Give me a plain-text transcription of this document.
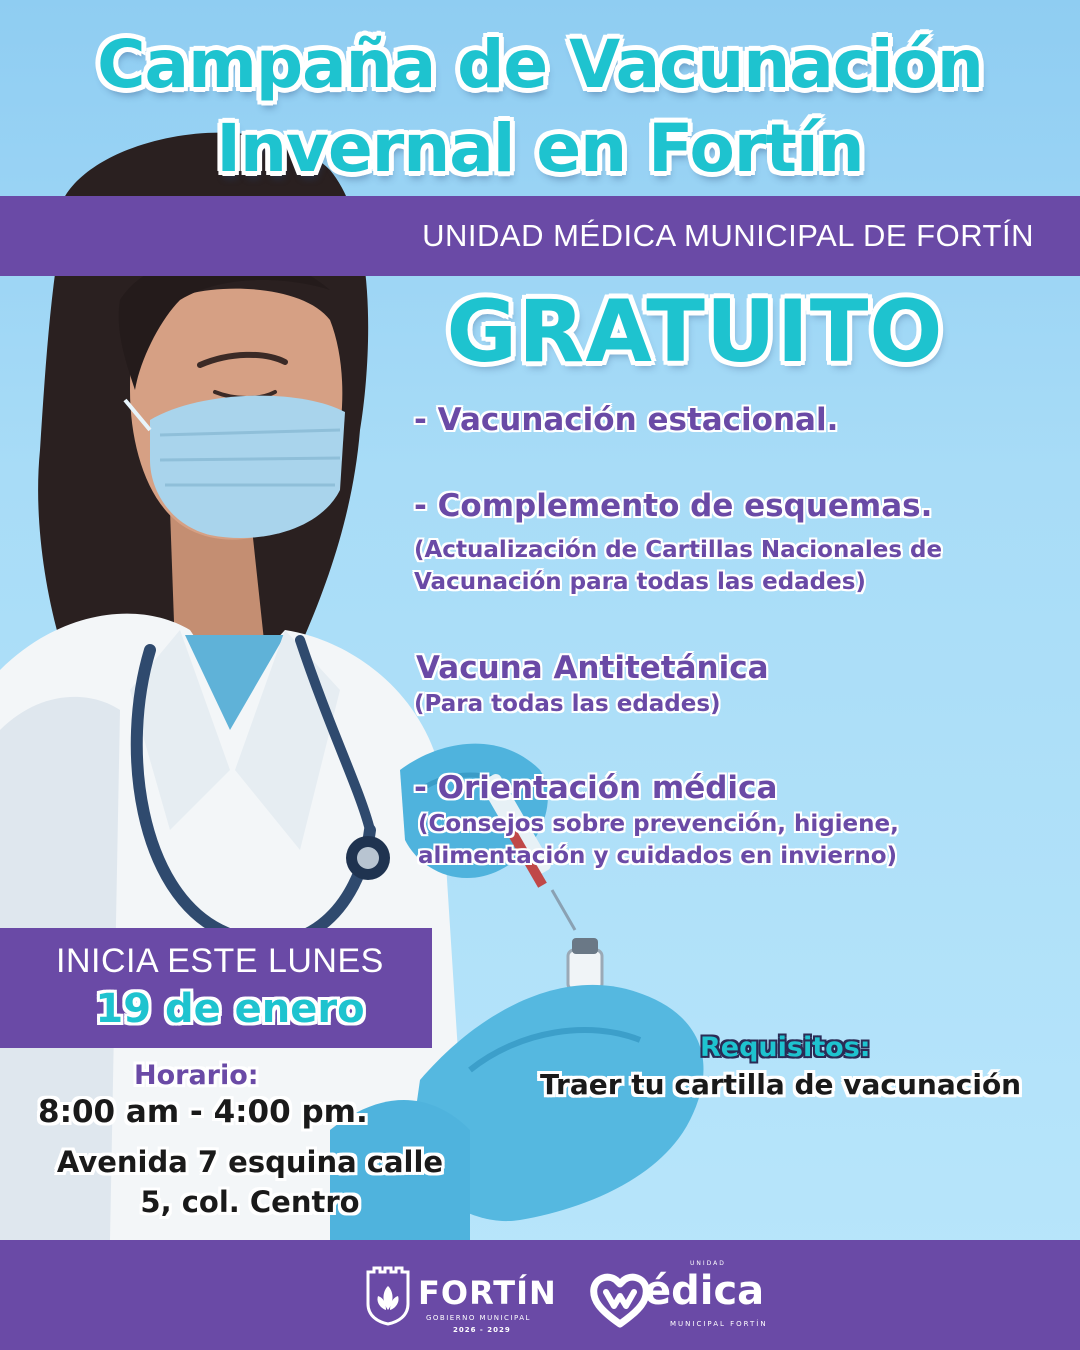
Campaña de Vacunación
Invernal en Fortín
UNIDAD MÉDICA MUNICIPAL DE FORTÍN
GRATUITO
- Vacunación estacional.
- Complemento de esquemas.
(Actualización de Cartillas Nacionales de
Vacunación para todas las edades)
Vacuna Antitetánica
(Para todas las edades)
- Orientación médica
(Consejos sobre prevención, higiene,
alimentación y cuidados en invierno)
INICIA ESTE LUNES
19 de enero
Horario:
8:00 am - 4:00 pm.
Avenida 7 esquina calle
5, col. Centro
Requisitos:
Traer tu cartilla de vacunación
FORTÍN
GOBIERNO MUNICIPAL
2026 - 2029
UNIDAD
édica
MUNICIPAL FORTÍN
